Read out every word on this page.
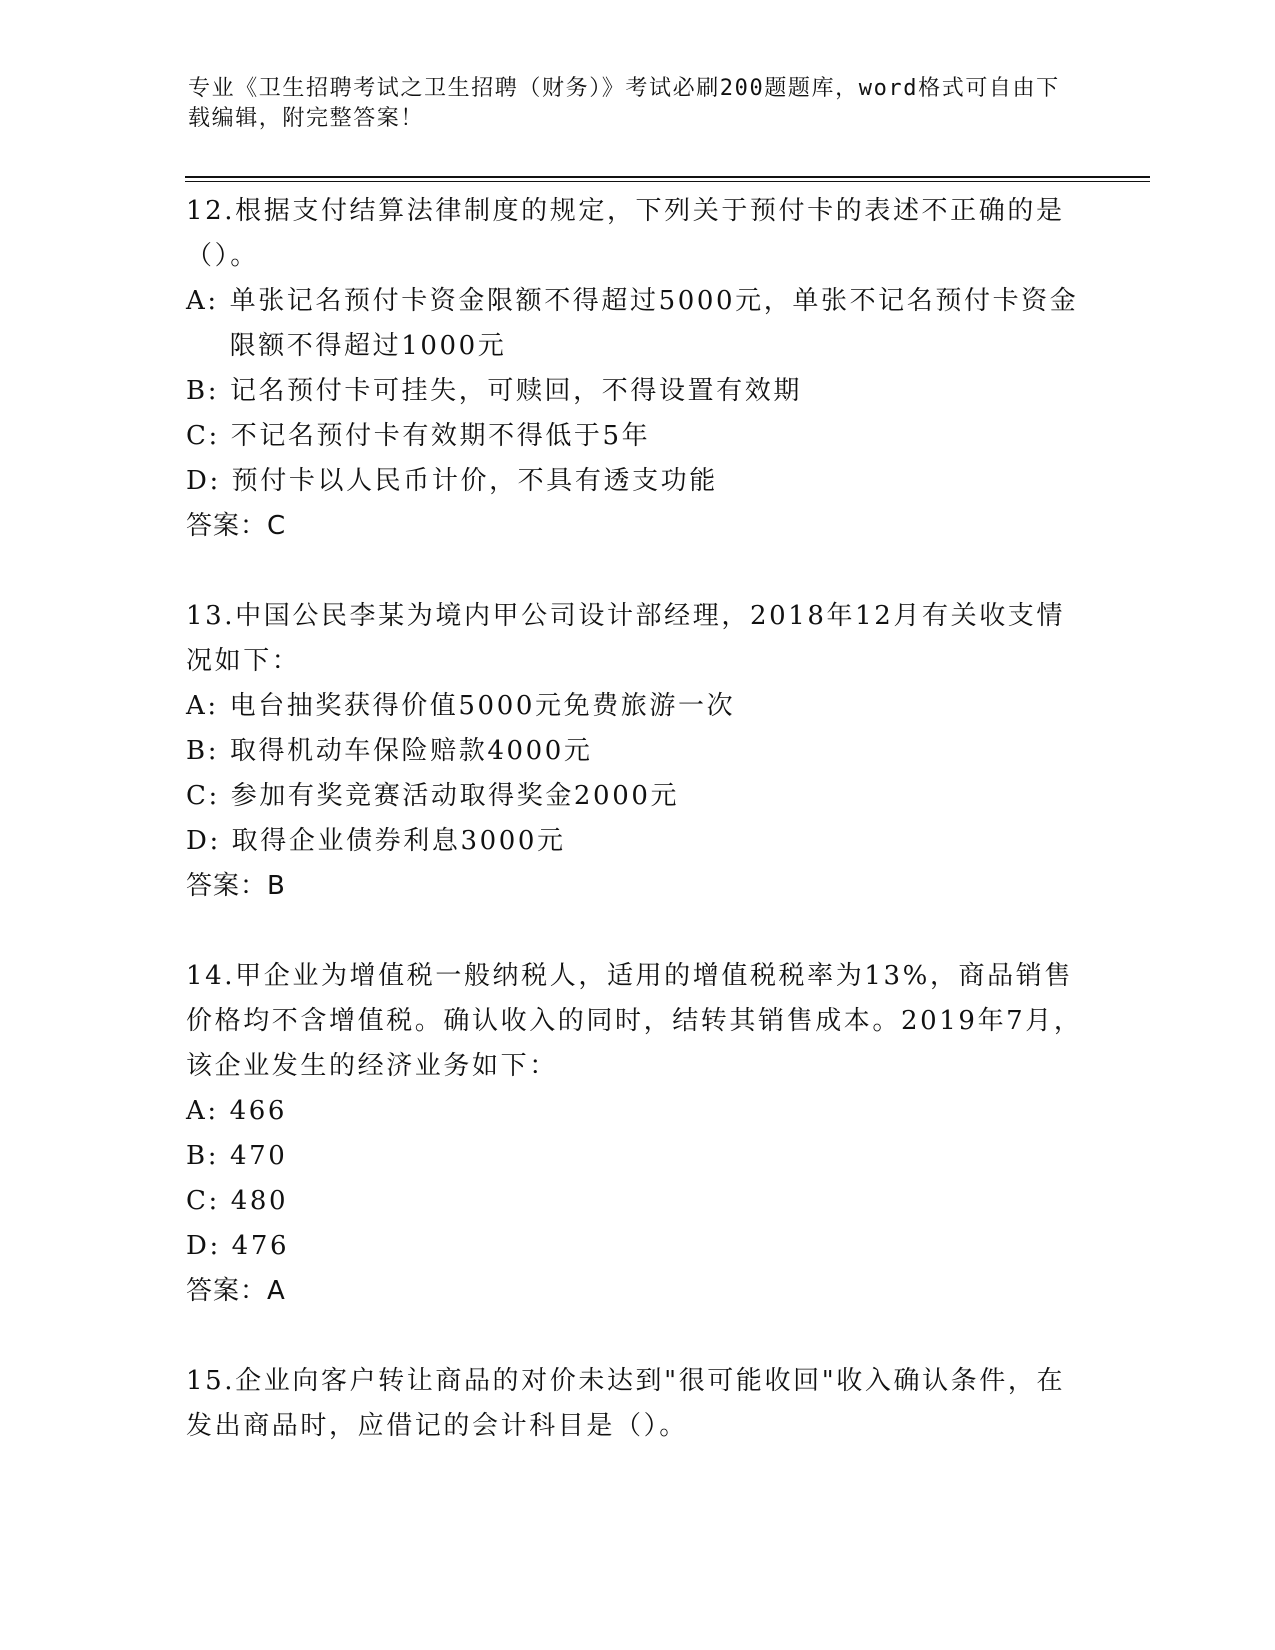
专业《卫生招聘考试之卫生招聘（财务）》考试必刷200题题库，word格式可自由下载编辑，附完整答案！

12.根据支付结算法律制度的规定，下列关于预付卡的表述不正确的是（）。

A: 单张记名预付卡资金限额不得超过5000元，单张不记名预付卡资金限额不得超过1000元
B: 记名预付卡可挂失，可赎回，不得设置有效期
C: 不记名预付卡有效期不得低于5年
D: 预付卡以人民币计价，不具有透支功能

答案：C

13.中国公民李某为境内甲公司设计部经理，2018年12月有关收支情况如下：

A: 电台抽奖获得价值5000元免费旅游一次
B: 取得机动车保险赔款4000元
C: 参加有奖竞赛活动取得奖金2000元
D: 取得企业债券利息3000元

答案：B

14.甲企业为增值税一般纳税人，适用的增值税税率为13%，商品销售价格均不含增值税。确认收入的同时，结转其销售成本。2019年7月，该企业发生的经济业务如下：

A: 466
B: 470
C: 480
D: 476

答案：A

15.企业向客户转让商品的对价未达到"很可能收回"收入确认条件，在发出商品时，应借记的会计科目是（）。
